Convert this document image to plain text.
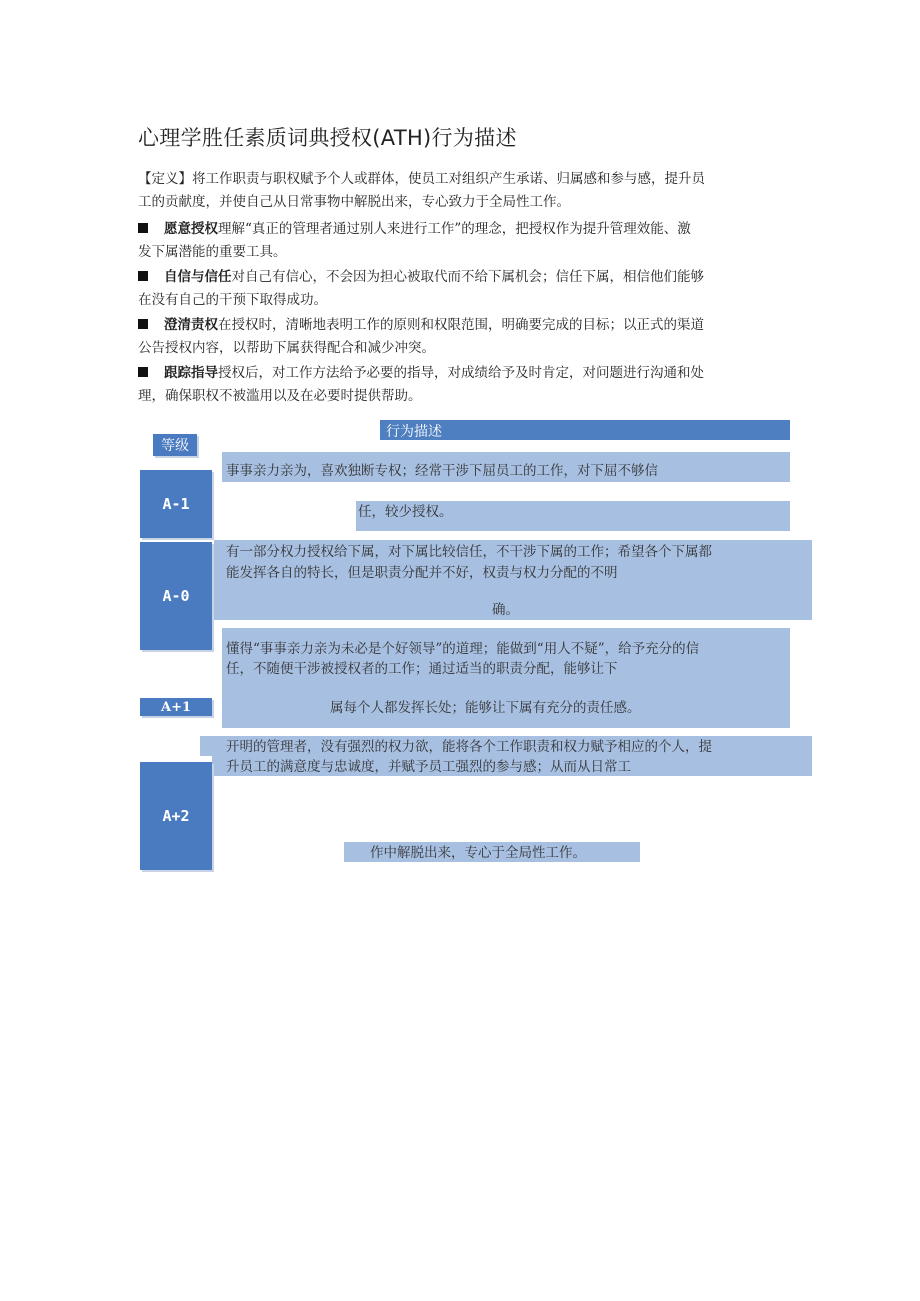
心理学胜任素质词典授权(ATH)行为描述
【定义】将工作职责与职权赋予个人或群体，使员工对组织产生承诺、归属感和参与感，提升员
工的贡献度，并使自己从日常事物中解脱出来，专心致力于全局性工作。
愿意授权理解“真正的管理者通过别人来进行工作”的理念，把授权作为提升管理效能、激
发下属潜能的重要工具。
自信与信任对自己有信心，不会因为担心被取代而不给下属机会；信任下属，相信他们能够
在没有自己的干预下取得成功。
澄清责权在授权时，清晰地表明工作的原则和权限范围，明确要完成的目标；以正式的渠道
公告授权内容，以帮助下属获得配合和减少冲突。
跟踪指导授权后，对工作方法给予必要的指导，对成绩给予及时肯定，对问题进行沟通和处
理，确保职权不被滥用以及在必要时提供帮助。
等级
行为描述
A-1
事事亲力亲为，喜欢独断专权；经常干涉下屈员工的工作，对下屈不够信
任，较少授权。
A-0
有一部分权力授权给下属，对下属比较信任，不干涉下属的工作；希望各个下属都
能发挥各自的特长，但是职责分配并不好，权责与权力分配的不明
确。
懂得“事事亲力亲为未必是个好领导”的道理；能做到“用人不疑”，给予充分的信
任，不随便干涉被授权者的工作；通过适当的职责分配，能够让下
A+1	属每个人都发挥长处；能够让下属有充分的责任感。
开明的管理者，没有强烈的权力欲，能将各个工作职责和权力赋予相应的个人，提
升员工的满意度与忠诚度，并赋予员工强烈的参与感；从而从日常工
A+2
作中解脱出来，专心于全局性工作。
